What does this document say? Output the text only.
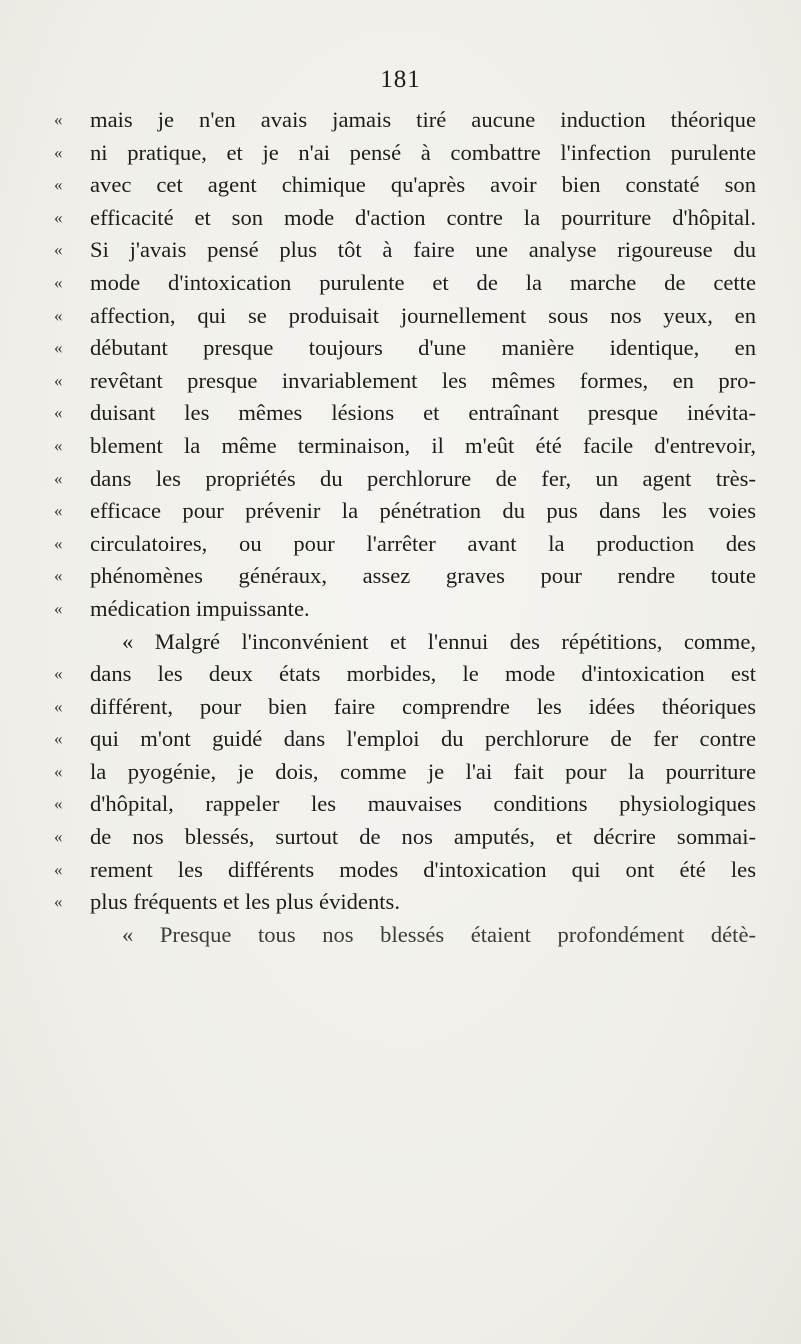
181
« mais je n'en avais jamais tiré aucune induction théorique
« ni pratique, et je n'ai pensé à combattre l'infection purulente
« avec cet agent chimique qu'après avoir bien constaté son
« efficacité et son mode d'action contre la pourriture d'hôpital.
« Si j'avais pensé plus tôt à faire une analyse rigoureuse du
« mode d'intoxication purulente et de la marche de cette
« affection, qui se produisait journellement sous nos yeux, en
« débutant presque toujours d'une manière identique, en
« revêtant presque invariablement les mêmes formes, en pro-
« duisant les mêmes lésions et entraînant presque inévita-
« blement la même terminaison, il m'eût été facile d'entrevoir,
« dans les propriétés du perchlorure de fer, un agent très-
« efficace pour prévenir la pénétration du pus dans les voies
« circulatoires, ou pour l'arrêter avant la production des
« phénomènes généraux, assez graves pour rendre toute
« médication impuissante.
« Malgré l'inconvénient et l'ennui des répétitions, comme,
« dans les deux états morbides, le mode d'intoxication est
« différent, pour bien faire comprendre les idées théoriques
« qui m'ont guidé dans l'emploi du perchlorure de fer contre
« la pyogénie, je dois, comme je l'ai fait pour la pourriture
« d'hôpital, rappeler les mauvaises conditions physiologiques
« de nos blessés, surtout de nos amputés, et décrire sommai-
« rement les différents modes d'intoxication qui ont été les
« plus fréquents et les plus évidents.
« Presque tous nos blessés étaient profondément détè-
